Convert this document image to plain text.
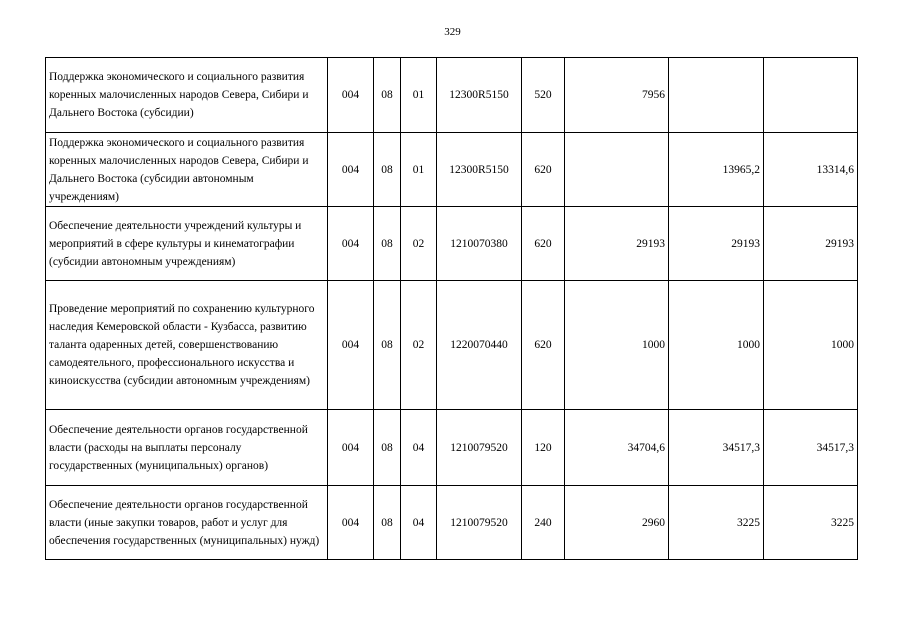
329
Поддержка экономического и социального развития коренных малочисленных народов Севера, Сибири и Дальнего Востока (субсидии)	004	08	01	12300R5150	520	7956		
Поддержка экономического и социального развития коренных малочисленных народов Севера, Сибири и Дальнего Востока (субсидии автономным учреждениям)	004	08	01	12300R5150	620		13965,2	13314,6
Обеспечение деятельности учреждений культуры и мероприятий в сфере культуры и кинематографии (субсидии автономным учреждениям)	004	08	02	1210070380	620	29193	29193	29193
Проведение мероприятий по сохранению культурного наследия Кемеровской области - Кузбасса, развитию таланта одаренных детей, совершенствованию самодеятельного, профессионального искусства и киноискусства (субсидии автономным учреждениям)	004	08	02	1220070440	620	1000	1000	1000
Обеспечение деятельности органов государственной власти (расходы на выплаты персоналу государственных (муниципальных) органов)	004	08	04	1210079520	120	34704,6	34517,3	34517,3
Обеспечение деятельности органов государственной власти (иные закупки товаров, работ и услуг для обеспечения государственных (муниципальных) нужд)	004	08	04	1210079520	240	2960	3225	3225
